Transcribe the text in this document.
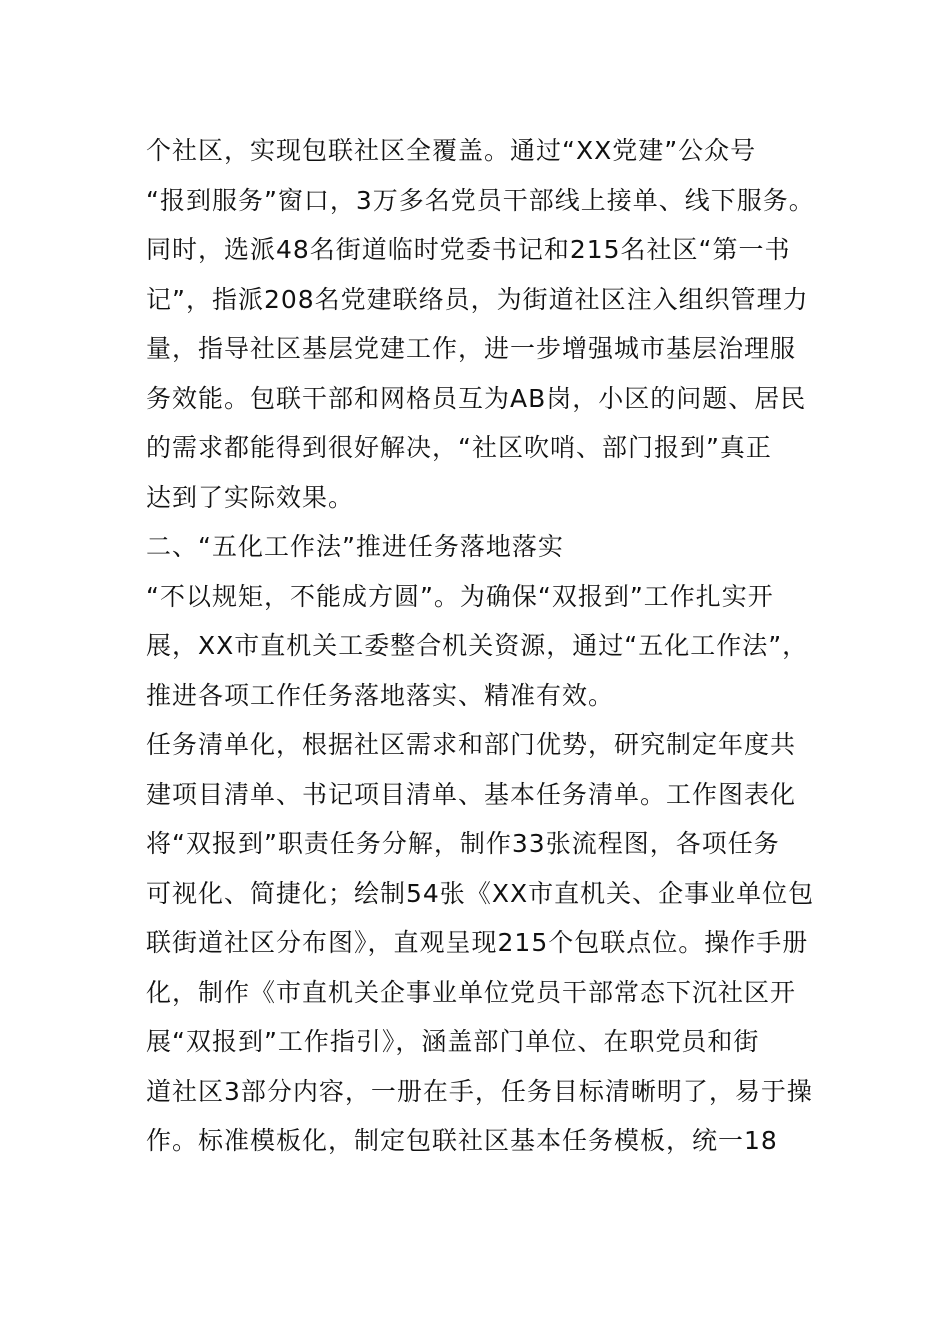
个社区，实现包联社区全覆盖。通过“XX党建”公众号
“报到服务”窗口，3万多名党员干部线上接单、线下服务。
同时，选派48名街道临时党委书记和215名社区“第一书
记”，指派208名党建联络员，为街道社区注入组织管理力
量，指导社区基层党建工作，进一步增强城市基层治理服
务效能。包联干部和网格员互为AB岗，小区的问题、居民
的需求都能得到很好解决，“社区吹哨、部门报到”真正
达到了实际效果。
二、“五化工作法”推进任务落地落实
“不以规矩，不能成方圆”。为确保“双报到”工作扎实开
展，XX市直机关工委整合机关资源，通过“五化工作法”，
推进各项工作任务落地落实、精准有效。
任务清单化，根据社区需求和部门优势，研究制定年度共
建项目清单、书记项目清单、基本任务清单。工作图表化
将“双报到”职责任务分解，制作33张流程图，各项任务
可视化、简捷化；绘制54张《XX市直机关、企事业单位包
联街道社区分布图》，直观呈现215个包联点位。操作手册
化，制作《市直机关企事业单位党员干部常态下沉社区开
展“双报到”工作指引》，涵盖部门单位、在职党员和街
道社区3部分内容，一册在手，任务目标清晰明了，易于操
作。标准模板化，制定包联社区基本任务模板，统一18
